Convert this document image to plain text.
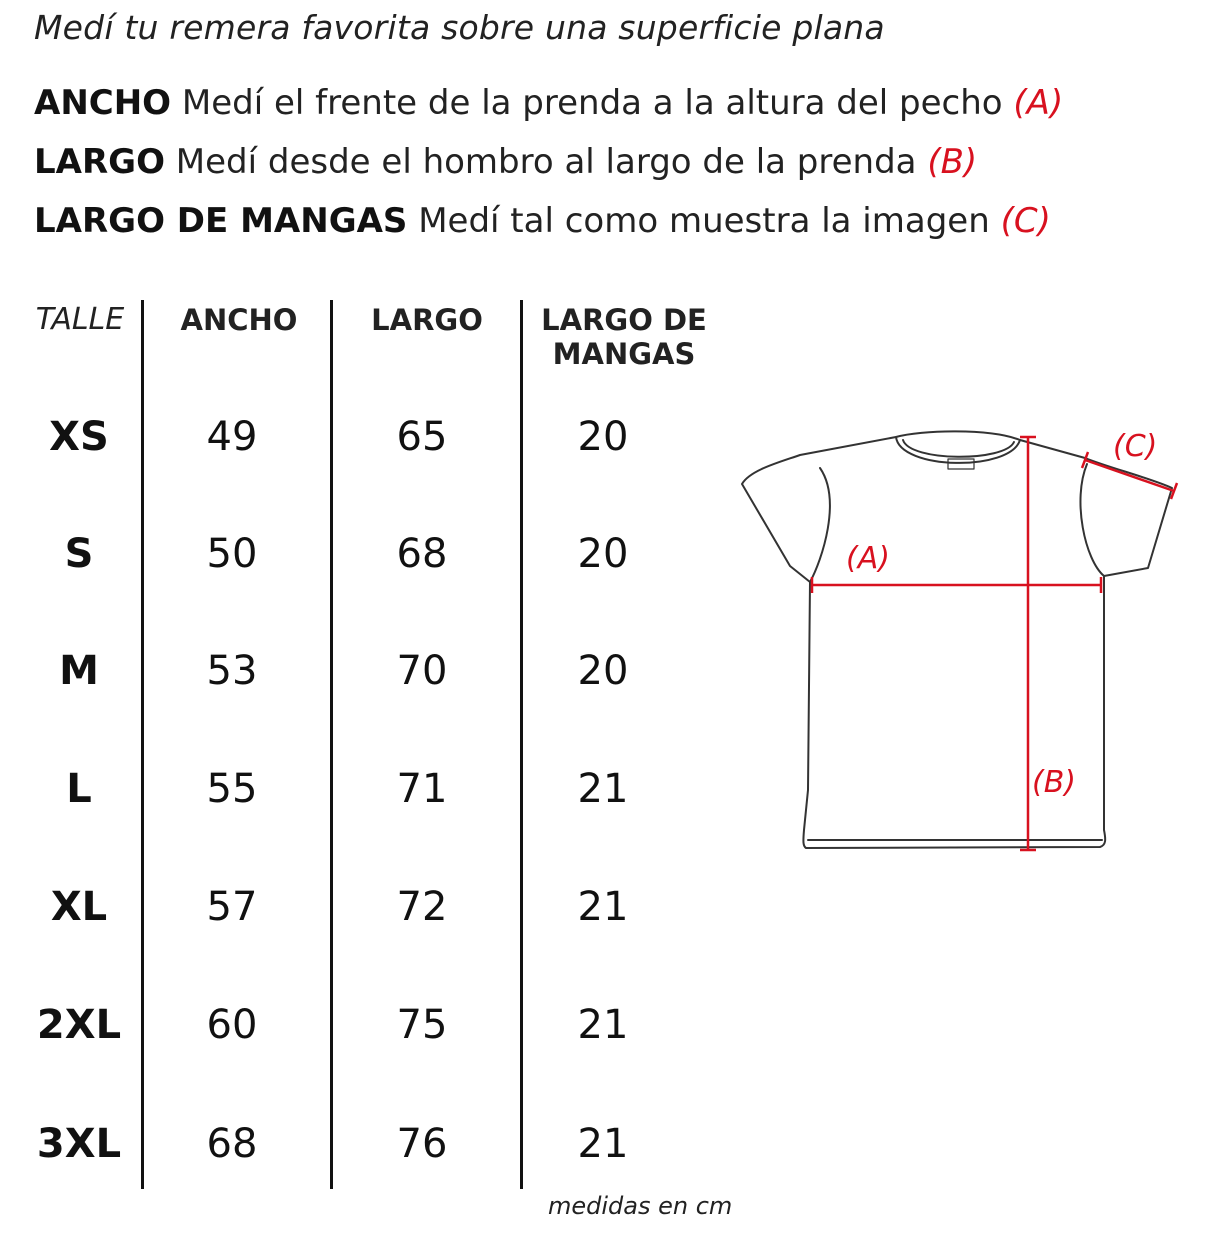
Medí tu remera favorita sobre una superficie plana
ANCHO Medí el frente de la prenda a la altura del pecho (A)
LARGO Medí desde el hombro al largo de la prenda (B)
LARGO DE MANGAS Medí tal como muestra la imagen (C)
TALLE	ANCHO	LARGO	LARGO DE
MANGAS
XS	49	65	20
S	50	68	20
M	53	70	20
L	55	71	21
XL	57	72	21
2XL	60	75	21
3XL	68	76	21
medidas en cm
(A)
(B)
(C)
